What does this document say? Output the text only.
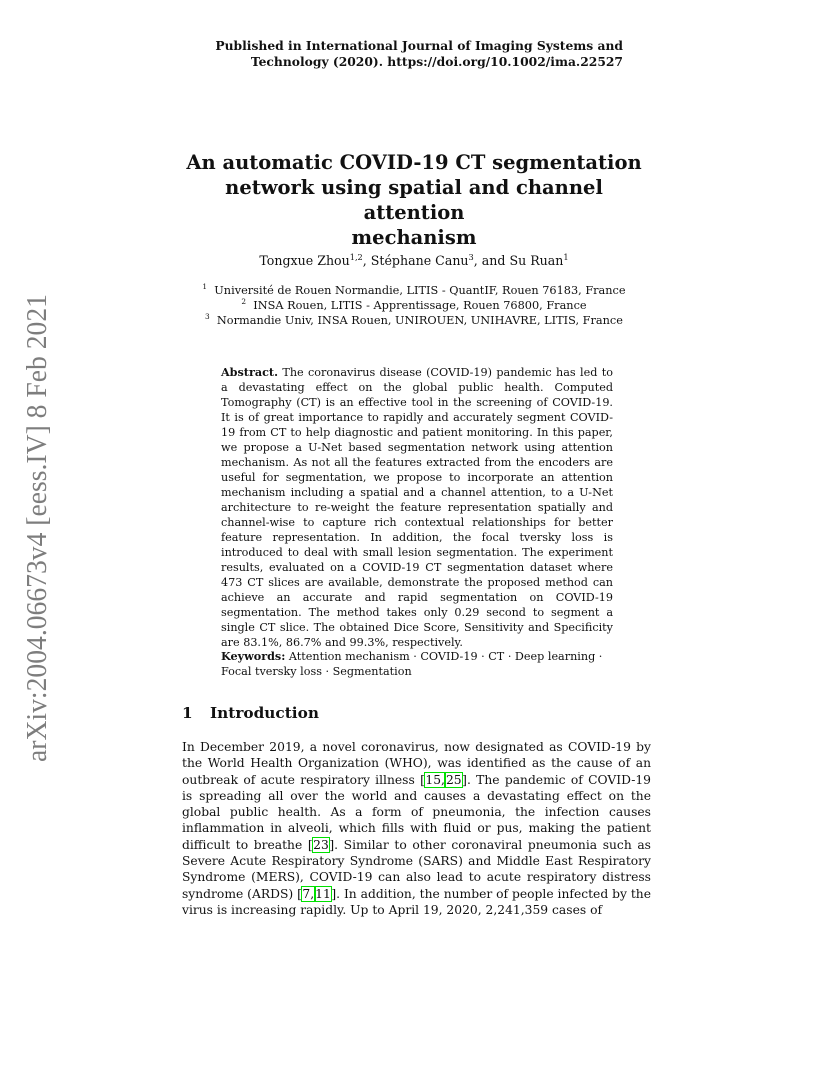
arXiv:2004.06673v4 [eess.IV] 8 Feb 2021
Published in International Journal of Imaging Systems and
Technology (2020). https://doi.org/10.1002/ima.22527
An automatic COVID-19 CT segmentation
network using spatial and channel attention
mechanism
Tongxue Zhou$^{1,2}$, Stéphane Canu$^3$, and Su Ruan$^1$
$^1$ Université de Rouen Normandie, LITIS - QuantIF, Rouen 76183, France
$^2$ INSA Rouen, LITIS - Apprentissage, Rouen 76800, France
$^3$ Normandie Univ, INSA Rouen, UNIROUEN, UNIHAVRE, LITIS, France
Abstract. The coronavirus disease (COVID-19) pandemic has led to a devastating effect on the global public health. Computed Tomography (CT) is an effective tool in the screening of COVID-19. It is of great importance to rapidly and accurately segment COVID-19 from CT to help diagnostic and patient monitoring. In this paper, we propose a U-Net based segmentation network using attention mechanism. As not all the features extracted from the encoders are useful for segmentation, we propose to incorporate an attention mechanism including a spatial and a channel attention, to a U-Net architecture to re-weight the feature representation spatially and channel-wise to capture rich contextual relationships for better feature representation. In addition, the focal tversky loss is introduced to deal with small lesion segmentation. The experiment results, evaluated on a COVID-19 CT segmentation dataset where 473 CT slices are available, demonstrate the proposed method can achieve an accurate and rapid segmentation on COVID-19 segmentation. The method takes only 0.29 second to segment a single CT slice. The obtained Dice Score, Sensitivity and Specificity are 83.1%, 86.7% and 99.3%, respectively.
Keywords: Attention mechanism · COVID-19 · CT · Deep learning · Focal tversky loss · Segmentation
1 Introduction
In December 2019, a novel coronavirus, now designated as COVID-19 by the World Health Organization (WHO), was identified as the cause of an outbreak of acute respiratory illness [15,25]. The pandemic of COVID-19 is spreading all over the world and causes a devastating effect on the global public health. As a form of pneumonia, the infection causes inflammation in alveoli, which fills with fluid or pus, making the patient difficult to breathe [23]. Similar to other coronaviral pneumonia such as Severe Acute Respiratory Syndrome (SARS) and Middle East Respiratory Syndrome (MERS), COVID-19 can also lead to acute respiratory distress syndrome (ARDS) [7,11]. In addition, the number of people infected by the virus is increasing rapidly. Up to April 19, 2020, 2,241,359 cases of
